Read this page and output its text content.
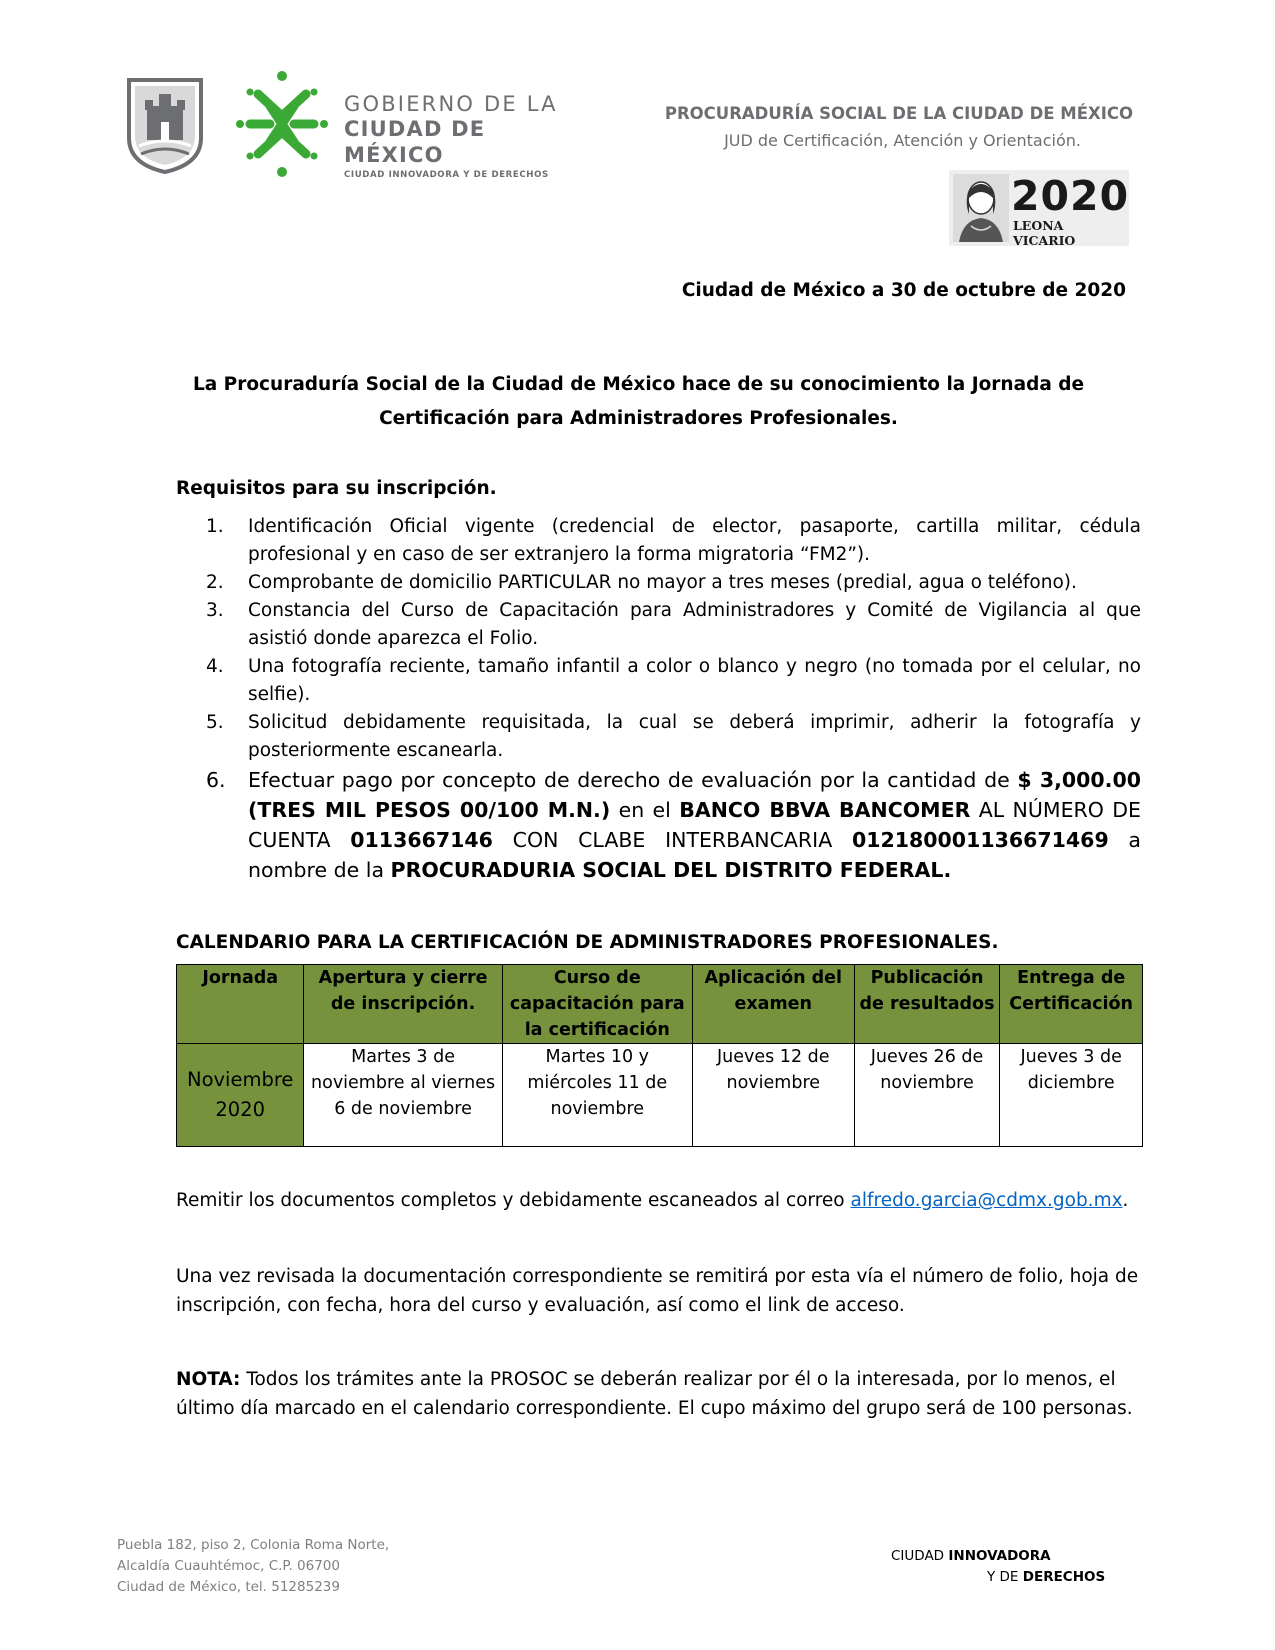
GOBIERNO DE LA
CIUDAD DE MÉXICO
CIUDAD INNOVADORA Y DE DERECHOS
PROCURADURÍA SOCIAL DE LA CIUDAD DE MÉXICO
JUD de Certificación, Atención y Orientación.
2020
LEONA VICARIO
Ciudad de México a 30 de octubre de 2020
La Procuraduría Social de la Ciudad de México hace de su conocimiento la Jornada de Certificación para Administradores Profesionales.
Requisitos para su inscripción.
1. Identificación Oficial vigente (credencial de elector, pasaporte, cartilla militar, cédula profesional y en caso de ser extranjero la forma migratoria “FM2”).
2. Comprobante de domicilio PARTICULAR no mayor a tres meses (predial, agua o teléfono).
3. Constancia del Curso de Capacitación para Administradores y Comité de Vigilancia al que asistió donde aparezca el Folio.
4. Una fotografía reciente, tamaño infantil a color o blanco y negro (no tomada por el celular, no selfie).
5. Solicitud debidamente requisitada, la cual se deberá imprimir, adherir la fotografía y posteriormente escanearla.
6. Efectuar pago por concepto de derecho de evaluación por la cantidad de $ 3,000.00 (TRES MIL PESOS 00/100 M.N.) en el BANCO BBVA BANCOMER AL NÚMERO DE CUENTA 0113667146 CON CLABE INTERBANCARIA 012180001136671469 a nombre de la PROCURADURIA SOCIAL DEL DISTRITO FEDERAL.
CALENDARIO PARA LA CERTIFICACIÓN DE ADMINISTRADORES PROFESIONALES.
Jornada	Apertura y cierre de inscripción.	Curso de capacitación para la certificación	Aplicación del examen	Publicación de resultados	Entrega de Certificación
Noviembre 2020	Martes 3 de noviembre al viernes 6 de noviembre	Martes 10 y miércoles 11 de noviembre	Jueves 12 de noviembre	Jueves 26 de noviembre	Jueves 3 de diciembre
Remitir los documentos completos y debidamente escaneados al correo alfredo.garcia@cdmx.gob.mx.
Una vez revisada la documentación correspondiente se remitirá por esta vía el número de folio, hoja de inscripción, con fecha, hora del curso y evaluación, así como el link de acceso.
NOTA: Todos los trámites ante la PROSOC se deberán realizar por él o la interesada, por lo menos, el último día marcado en el calendario correspondiente. El cupo máximo del grupo será de 100 personas.
Puebla 182, piso 2, Colonia Roma Norte,
Alcaldía Cuauhtémoc, C.P. 06700
Ciudad de México, tel. 51285239
CIUDAD INNOVADORA
Y DE DERECHOS
